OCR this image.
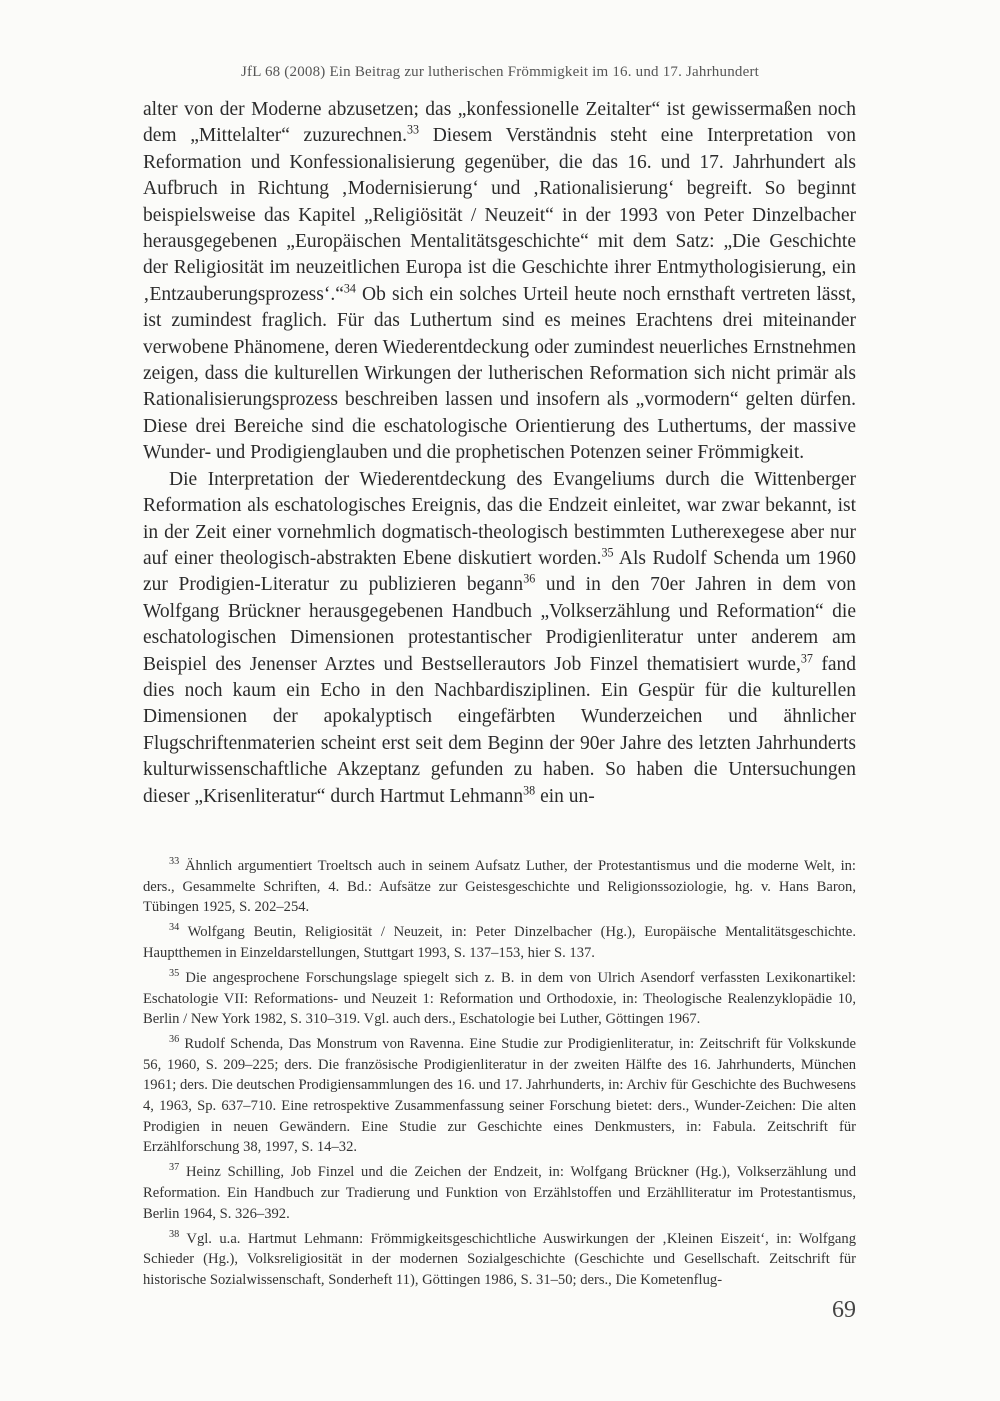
JfL 68 (2008) Ein Beitrag zur lutherischen Frömmigkeit im 16. und 17. Jahrhundert

alter von der Moderne abzusetzen; das „konfessionelle Zeitalter“ ist gewissermaßen noch dem „Mittelalter“ zuzurechnen.$^{33}$ Diesem Verständnis steht eine Interpretation von Reformation und Konfessionalisierung gegenüber, die das 16. und 17. Jahrhundert als Aufbruch in Richtung ‚Modernisierung‘ und ‚Rationalisierung‘ begreift. So beginnt beispielsweise das Kapitel „Religiösität / Neuzeit“ in der 1993 von Peter Dinzelbacher herausgegebenen „Europäischen Mentalitätsgeschichte“ mit dem Satz: „Die Geschichte der Religiosität im neuzeitlichen Europa ist die Geschichte ihrer Entmythologisierung, ein ‚Entzauberungsprozess‘.“$^{34}$ Ob sich ein solches Urteil heute noch ernsthaft vertreten lässt, ist zumindest fraglich. Für das Luthertum sind es meines Erachtens drei miteinander verwobene Phänomene, deren Wiederentdeckung oder zumindest neuerliches Ernstnehmen zeigen, dass die kulturellen Wirkungen der lutherischen Reformation sich nicht primär als Rationalisierungsprozess beschreiben lassen und insofern als „vormodern“ gelten dürfen. Diese drei Bereiche sind die eschatologische Orientierung des Luthertums, der massive Wunder- und Prodigienglauben und die prophetischen Potenzen seiner Frömmigkeit.

Die Interpretation der Wiederentdeckung des Evangeliums durch die Wittenberger Reformation als eschatologisches Ereignis, das die Endzeit einleitet, war zwar bekannt, ist in der Zeit einer vornehmlich dogmatisch-theologisch bestimmten Lutherexegese aber nur auf einer theologisch-abstrakten Ebene diskutiert worden.$^{35}$ Als Rudolf Schenda um 1960 zur Prodigien-Literatur zu publizieren begann$^{36}$ und in den 70er Jahren in dem von Wolfgang Brückner herausgegebenen Handbuch „Volkserzählung und Reformation“ die eschatologischen Dimensionen protestantischer Prodigienliteratur unter anderem am Beispiel des Jenenser Arztes und Bestsellerautors Job Finzel thematisiert wurde,$^{37}$ fand dies noch kaum ein Echo in den Nachbardisziplinen. Ein Gespür für die kulturellen Dimensionen der apokalyptisch eingefärbten Wunderzeichen und ähnlicher Flugschriftenmaterien scheint erst seit dem Beginn der 90er Jahre des letzten Jahrhunderts kulturwissenschaftliche Akzeptanz gefunden zu haben. So haben die Untersuchungen dieser „Krisenliteratur“ durch Hartmut Lehmann$^{38}$ ein un-

$^{33}$ Ähnlich argumentiert Troeltsch auch in seinem Aufsatz Luther, der Protestantismus und die moderne Welt, in: ders., Gesammelte Schriften, 4. Bd.: Aufsätze zur Geistesgeschichte und Religionssoziologie, hg. v. Hans Baron, Tübingen 1925, S. 202–254.

$^{34}$ Wolfgang Beutin, Religiosität / Neuzeit, in: Peter Dinzelbacher (Hg.), Europäische Mentalitätsgeschichte. Hauptthemen in Einzeldarstellungen, Stuttgart 1993, S. 137–153, hier S. 137.

$^{35}$ Die angesprochene Forschungslage spiegelt sich z. B. in dem von Ulrich Asendorf verfassten Lexikonartikel: Eschatologie VII: Reformations- und Neuzeit 1: Reformation und Orthodoxie, in: Theologische Realenzyklopädie 10, Berlin / New York 1982, S. 310–319. Vgl. auch ders., Eschatologie bei Luther, Göttingen 1967.

$^{36}$ Rudolf Schenda, Das Monstrum von Ravenna. Eine Studie zur Prodigienliteratur, in: Zeitschrift für Volkskunde 56, 1960, S. 209–225; ders. Die französische Prodigienliteratur in der zweiten Hälfte des 16. Jahrhunderts, München 1961; ders. Die deutschen Prodigiensammlungen des 16. und 17. Jahrhunderts, in: Archiv für Geschichte des Buchwesens 4, 1963, Sp. 637–710. Eine retrospektive Zusammenfassung seiner Forschung bietet: ders., Wunder-Zeichen: Die alten Prodigien in neuen Gewändern. Eine Studie zur Geschichte eines Denkmusters, in: Fabula. Zeitschrift für Erzählforschung 38, 1997, S. 14–32.

$^{37}$ Heinz Schilling, Job Finzel und die Zeichen der Endzeit, in: Wolfgang Brückner (Hg.), Volkserzählung und Reformation. Ein Handbuch zur Tradierung und Funktion von Erzählstoffen und Erzählliteratur im Protestantismus, Berlin 1964, S. 326–392.

$^{38}$ Vgl. u.a. Hartmut Lehmann: Frömmigkeitsgeschichtliche Auswirkungen der ‚Kleinen Eiszeit‘, in: Wolfgang Schieder (Hg.), Volksreligiosität in der modernen Sozialgeschichte (Geschichte und Gesellschaft. Zeitschrift für historische Sozialwissenschaft, Sonderheft 11), Göttingen 1986, S. 31–50; ders., Die Kometenflug-

69
